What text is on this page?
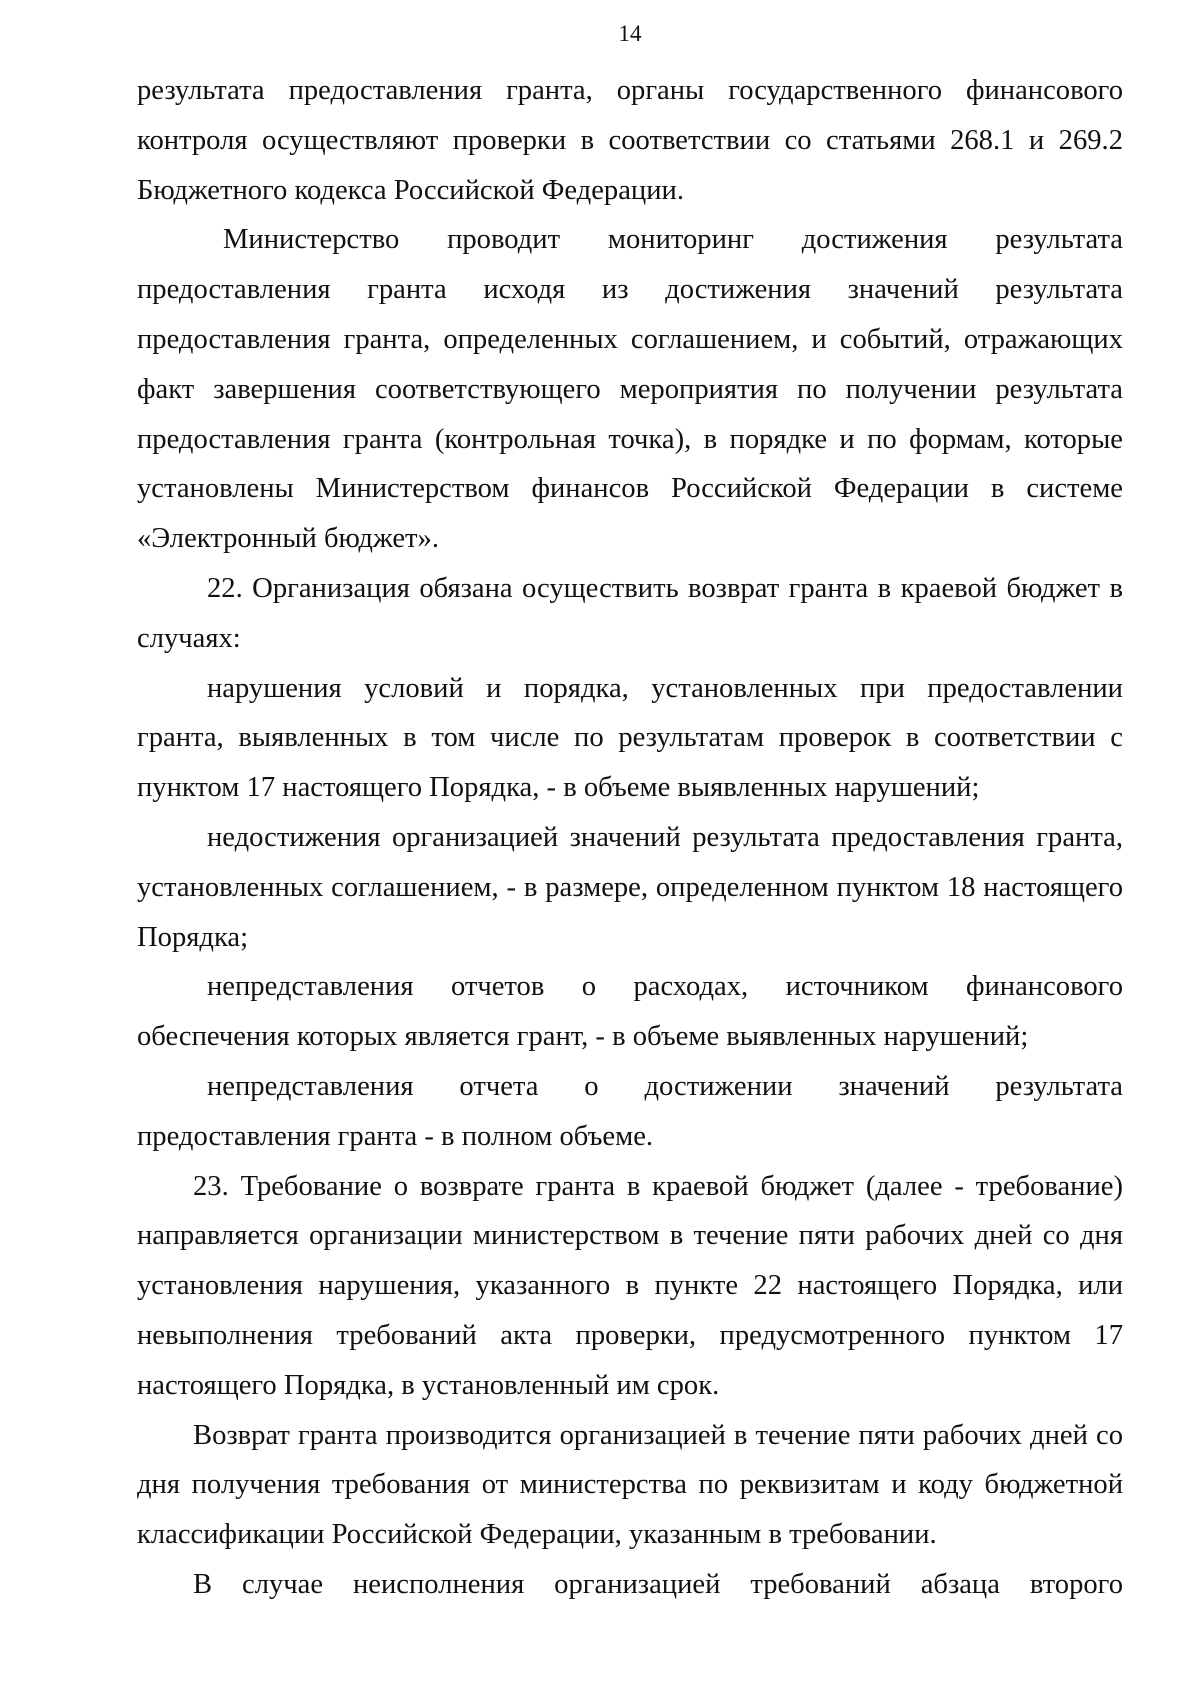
14

результата предоставления гранта, органы государственного финансового контроля осуществляют проверки в соответствии со статьями 268.1 и 269.2 Бюджетного кодекса Российской Федерации.

Министерство проводит мониторинг достижения результата предоставления гранта исходя из достижения значений результата предоставления гранта, определенных соглашением, и событий, отражающих факт завершения соответствующего мероприятия по получении результата предоставления гранта (контрольная точка), в порядке и по формам, которые установлены Министерством финансов Российской Федерации в системе «Электронный бюджет».

22. Организация обязана осуществить возврат гранта в краевой бюджет в случаях:

нарушения условий и порядка, установленных при предоставлении гранта, выявленных в том числе по результатам проверок в соответствии с пунктом 17 настоящего Порядка, - в объеме выявленных нарушений;

недостижения организацией значений результата предоставления гранта, установленных соглашением, - в размере, определенном пунктом 18 настоящего Порядка;

непредставления отчетов о расходах, источником финансового обеспечения которых является грант, - в объеме выявленных нарушений;

непредставления отчета о достижении значений результата предоставления гранта - в полном объеме.

23. Требование о возврате гранта в краевой бюджет (далее - требование) направляется организации министерством в течение пяти рабочих дней со дня установления нарушения, указанного в пункте 22 настоящего Порядка, или невыполнения требований акта проверки, предусмотренного пунктом 17 настоящего Порядка, в установленный им срок.

Возврат гранта производится организацией в течение пяти рабочих дней со дня получения требования от министерства по реквизитам и коду бюджетной классификации Российской Федерации, указанным в требовании.

В случае неисполнения организацией требований абзаца второго
